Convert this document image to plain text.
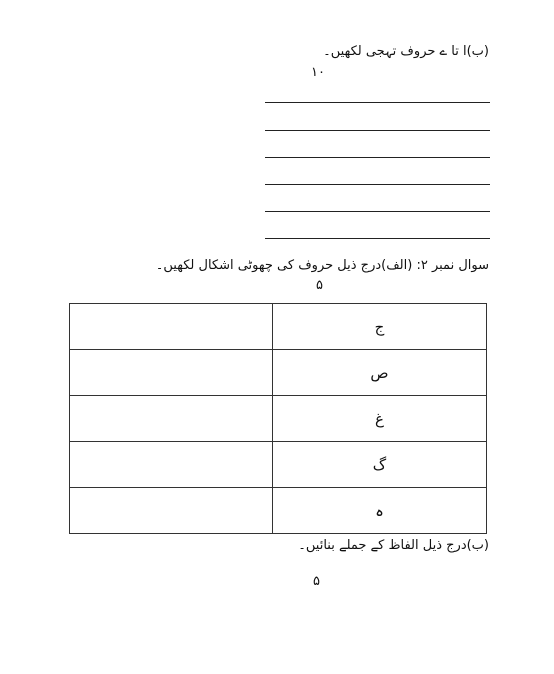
(ب)ا تا ے حروف تہجی لکھیں۔
۱۰
سوال نمبر ۲: (الف)درج ذیل حروف کی چھوٹی اشکال لکھیں۔
۵
	ج
	ص
	غ
	گ
	ہ
(ب)درج ذیل الفاظ کے جملے بنائیں۔
۵
